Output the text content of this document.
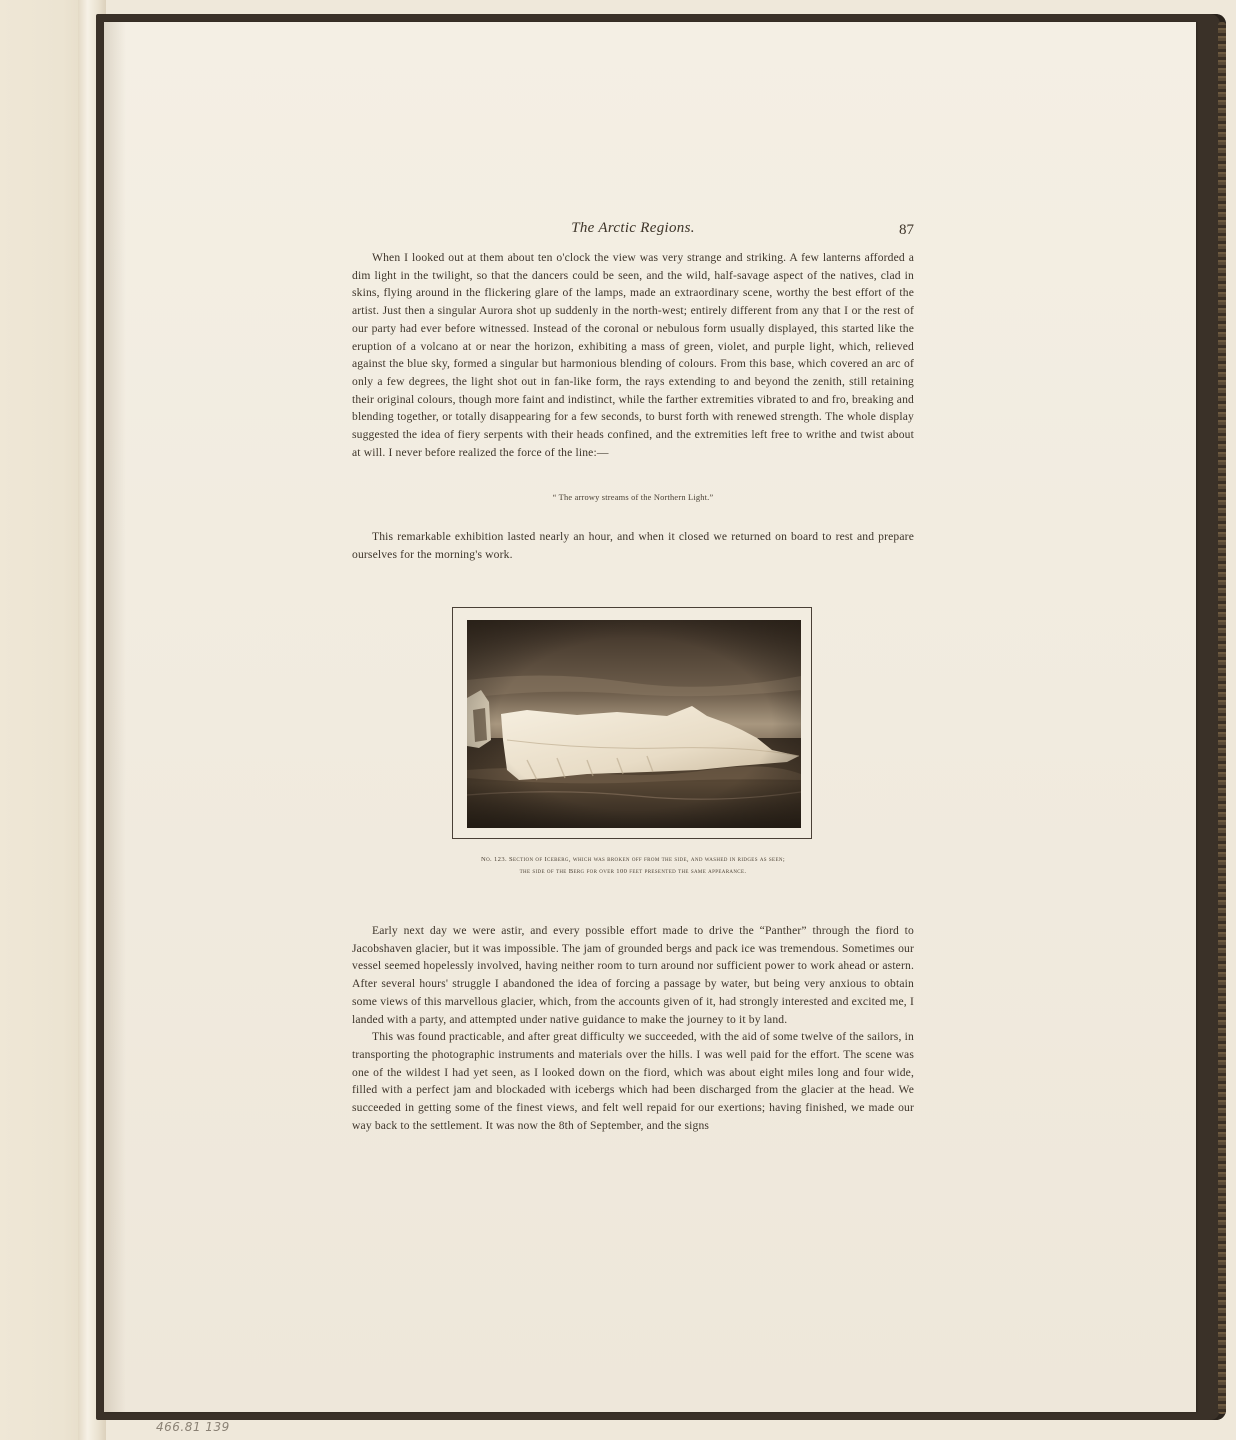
The Arctic Regions.	87

When I looked out at them about ten o'clock the view was very strange and striking. A few lanterns afforded a dim light in the twilight, so that the dancers could be seen, and the wild, half-savage aspect of the natives, clad in skins, flying around in the flickering glare of the lamps, made an extraordinary scene, worthy the best effort of the artist. Just then a singular Aurora shot up suddenly in the north-west; entirely different from any that I or the rest of our party had ever before witnessed. Instead of the coronal or nebulous form usually displayed, this started like the eruption of a volcano at or near the horizon, exhibiting a mass of green, violet, and purple light, which, relieved against the blue sky, formed a singular but harmonious blending of colours. From this base, which covered an arc of only a few degrees, the light shot out in fan-like form, the rays extending to and beyond the zenith, still retaining their original colours, though more faint and indistinct, while the farther extremities vibrated to and fro, breaking and blending together, or totally disappearing for a few seconds, to burst forth with renewed strength. The whole display suggested the idea of fiery serpents with their heads confined, and the extremities left free to writhe and twist about at will. I never before realized the force of the line:—

“ The arrowy streams of the Northern Light.”

This remarkable exhibition lasted nearly an hour, and when it closed we returned on board to rest and prepare ourselves for the morning's work.

No. 123. Section of Iceberg, which was broken off from the side, and washed in ridges as seen;
the side of the Berg for over 100 feet presented the same appearance.

Early next day we were astir, and every possible effort made to drive the “Panther” through the fiord to Jacobshaven glacier, but it was impossible. The jam of grounded bergs and pack ice was tremendous. Sometimes our vessel seemed hopelessly involved, having neither room to turn around nor sufficient power to work ahead or astern. After several hours' struggle I abandoned the idea of forcing a passage by water, but being very anxious to obtain some views of this marvellous glacier, which, from the accounts given of it, had strongly interested and excited me, I landed with a party, and attempted under native guidance to make the journey to it by land.

This was found practicable, and after great difficulty we succeeded, with the aid of some twelve of the sailors, in transporting the photographic instruments and materials over the hills. I was well paid for the effort. The scene was one of the wildest I had yet seen, as I looked down on the fiord, which was about eight miles long and four wide, filled with a perfect jam and blockaded with icebergs which had been discharged from the glacier at the head. We succeeded in getting some of the finest views, and felt well repaid for our exertions; having finished, we made our way back to the settlement. It was now the 8th of September, and the signs

466.81 139
